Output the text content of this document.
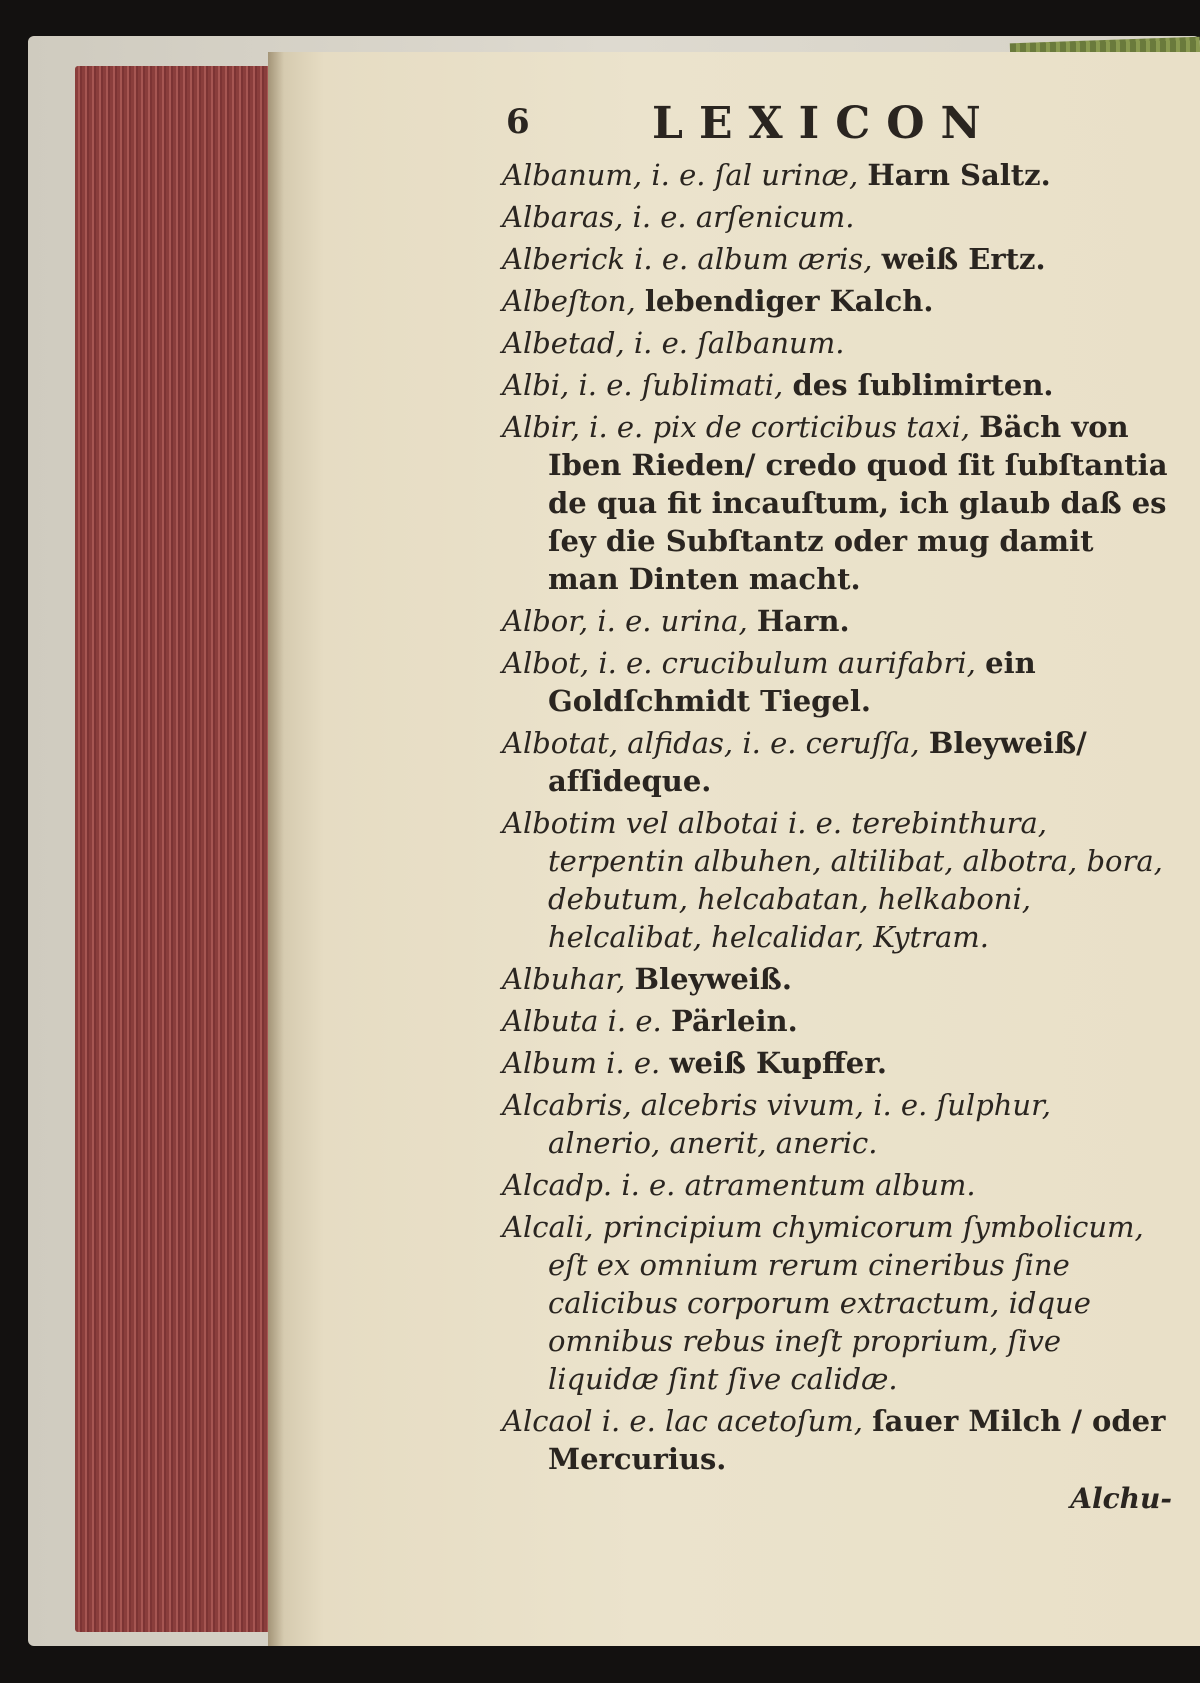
6	LEXICON

Albanum, i. e. ſal urinæ, Harn Saltz.

Albaras, i. e. arſenicum.

Alberick i. e. album æris, weiß Ertz.

Albeſton, lebendiger Kalch.

Albetad, i. e. ſalbanum.

Albi, i. e. ſublimati, des ſublimirten.

Albir, i. e. pix de corticibus taxi, Bäch von Iben Rieden/ credo quod ſit ſubſtantia de qua fit incauſtum, ich glaub daß es ſey die Subſtantz oder mug damit man Dinten macht.

Albor, i. e. urina, Harn.

Albot, i. e. crucibulum aurifabri, ein Goldſchmidt Tiegel.

Albotat, alfidas, i. e. ceruſſa, Bleyweiß/ afſideque.

Albotim vel albotai i. e. terebinthura, terpentin albuhen, altilibat, albotra, bora, debutum, helcabatan, helkaboni, helcalibat, helcalidar, Kytram.

Albuhar, Bleyweiß.

Albuta i. e. Pärlein.

Album i. e. weiß Kupffer.

Alcabris, alcebris vivum, i. e. ſulphur, alnerio, anerit, aneric.

Alcadp. i. e. atramentum album.

Alcali, principium chymicorum ſymbolicum, eſt ex omnium rerum cineribus ſine calicibus corporum extractum, idque omnibus rebus ineſt proprium, ſive liquidæ ſint ſive calidæ.

Alcaol i. e. lac acetoſum, ſauer Milch / oder Mercurius.

Alchu-
